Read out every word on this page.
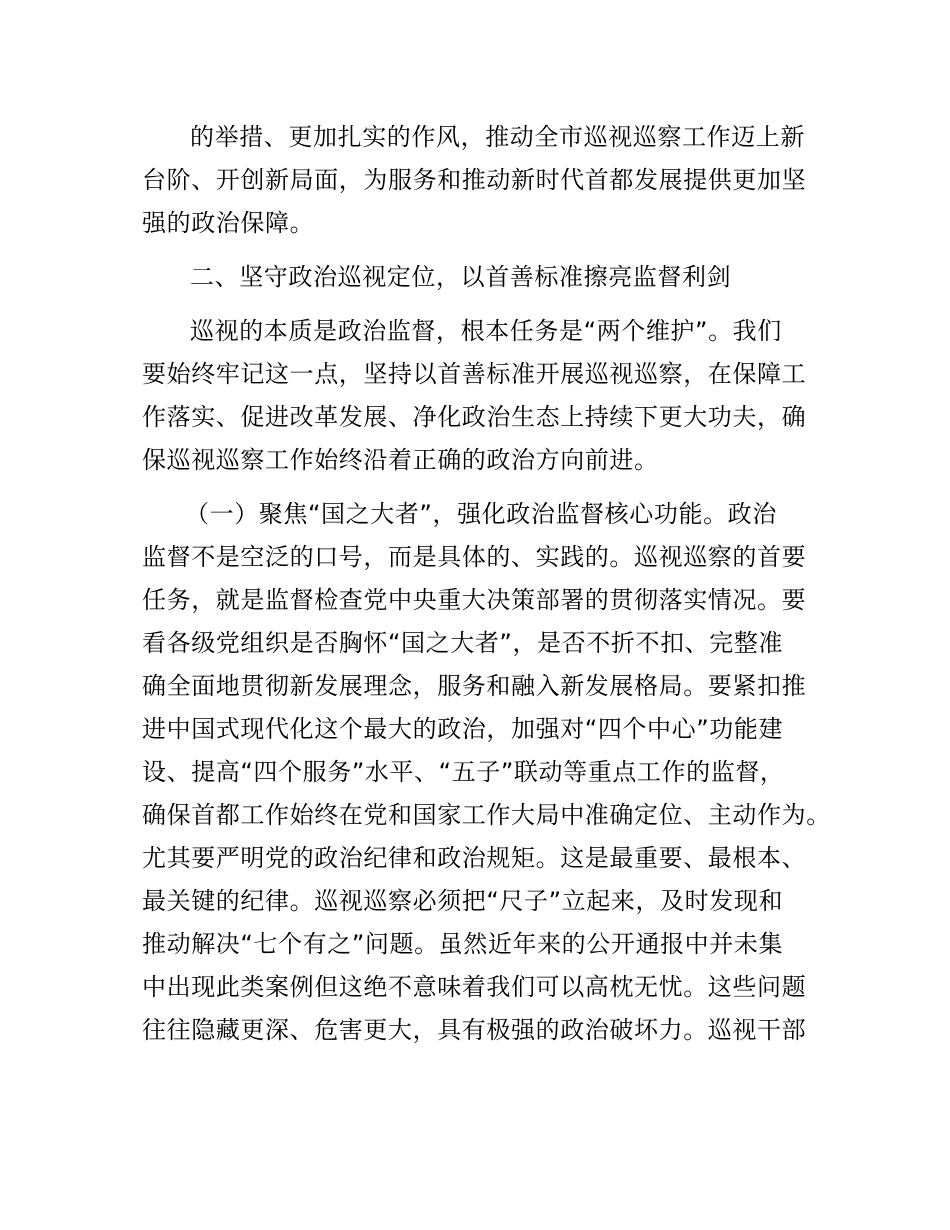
的举措、更加扎实的作风，推动全市巡视巡察工作迈上新
台阶、开创新局面，为服务和推动新时代首都发展提供更加坚
强的政治保障。
二、坚守政治巡视定位，以首善标准擦亮监督利剑
巡视的本质是政治监督，根本任务是“两个维护”。我们
要始终牢记这一点，坚持以首善标准开展巡视巡察，在保障工
作落实、促进改革发展、净化政治生态上持续下更大功夫，确
保巡视巡察工作始终沿着正确的政治方向前进。
（一）聚焦“国之大者”，强化政治监督核心功能。政治
监督不是空泛的口号，而是具体的、实践的。巡视巡察的首要
任务，就是监督检查党中央重大决策部署的贯彻落实情况。要
看各级党组织是否胸怀“国之大者”，是否不折不扣、完整准
确全面地贯彻新发展理念，服务和融入新发展格局。要紧扣推
进中国式现代化这个最大的政治，加强对“四个中心”功能建
设、提高“四个服务”水平、“五子”联动等重点工作的监督，
确保首都工作始终在党和国家工作大局中准确定位、主动作为。
尤其要严明党的政治纪律和政治规矩。这是最重要、最根本、
最关键的纪律。巡视巡察必须把“尺子”立起来，及时发现和
推动解决“七个有之”问题。虽然近年来的公开通报中并未集
中出现此类案例但这绝不意味着我们可以高枕无忧。这些问题
往往隐藏更深、危害更大，具有极强的政治破坏力。巡视干部
